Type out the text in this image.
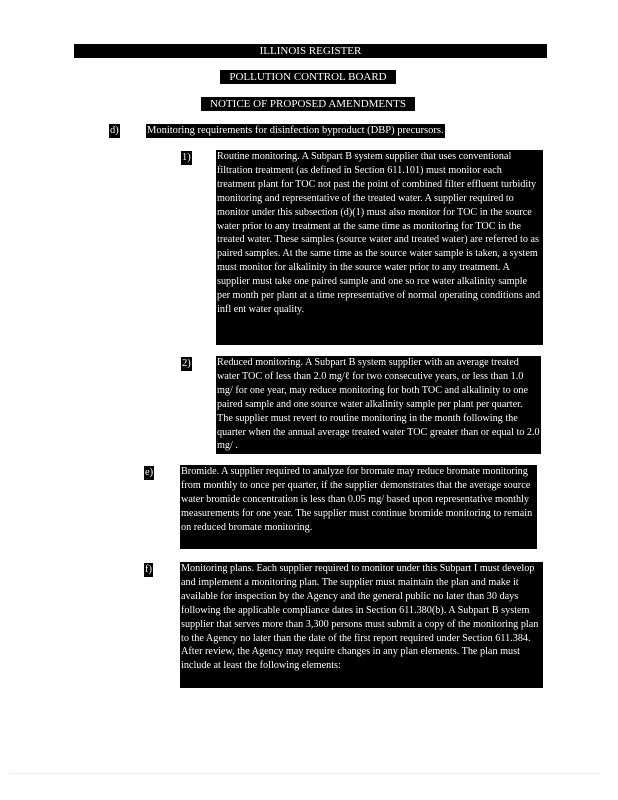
ILLINOIS REGISTER
POLLUTION CONTROL BOARD
NOTICE OF PROPOSED AMENDMENTS
d)	Monitoring requirements for disinfection byproduct (DBP) precursors.
1)	Routine monitoring. A Subpart B system supplier that uses conventional filtration treatment (as defined in Section 611.101) must monitor each treatment plant for TOC not past the point of combined filter effluent turbidity monitoring and representative of the treated water. A supplier required to monitor under this subsection (d)(1) must also monitor for TOC in the source water prior to any treatment at the same time as monitoring for TOC in the treated water. These samples (source water and treated water) are referred to as paired samples. At the same time as the source water sample is taken, a system must monitor for alkalinity in the source water prior to any treatment. A supplier must take one paired sample and one so rce water alkalinity sample per month per plant at a time representative of normal operating conditions and infl ent water quality.
2)	Reduced monitoring. A Subpart B system supplier with an average treated water TOC of less than 2.0 mg/ℓ for two consecutive years, or less than 1.0 mg/ for one year, may reduce monitoring for both TOC and alkalinity to one paired sample and one source water alkalinity sample per plant per quarter. The supplier must revert to routine monitoring in the month following the quarter when the annual average treated water TOC greater than or equal to 2.0 mg/ .
e)	Bromide. A supplier required to analyze for bromate may reduce bromate monitoring from monthly to once per quarter, if the supplier demonstrates that the average source water bromide concentration is less than 0.05 mg/ based upon representative monthly measurements for one year. The supplier must continue bromide monitoring to remain on reduced bromate monitoring.
f)	Monitoring plans. Each supplier required to monitor under this Subpart I must develop and implement a monitoring plan. The supplier must maintain the plan and make it available for inspection by the Agency and the general public no later than 30 days following the applicable compliance dates in Section 611.380(b). A Subpart B system supplier that serves more than 3,300 persons must submit a copy of the monitoring plan to the Agency no later than the date of the first report required under Section 611.384. After review, the Agency may require changes in any plan elements. The plan must include at least the following elements:
